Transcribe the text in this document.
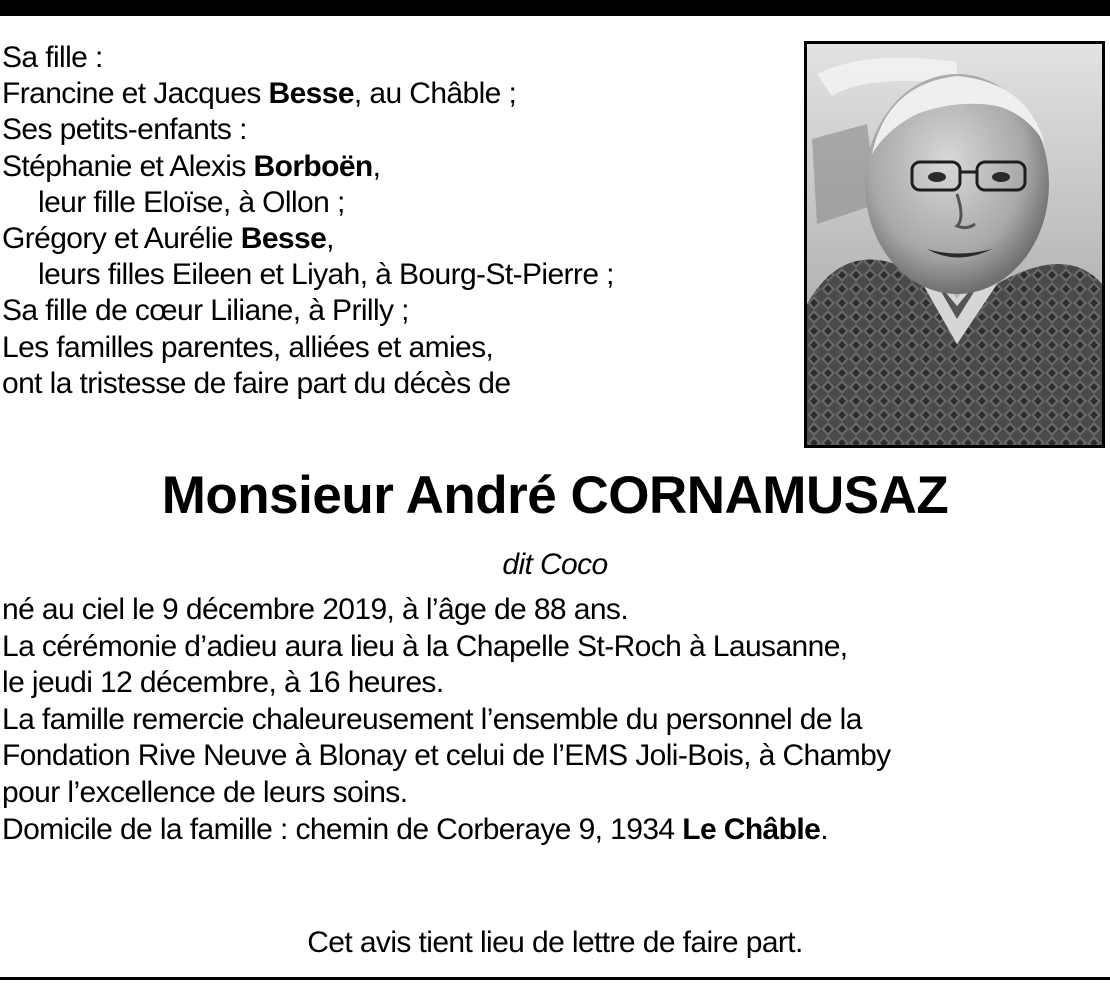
Sa fille :
Francine et Jacques Besse, au Châble ;
Ses petits-enfants :
Stéphanie et Alexis Borboën,
leur fille Eloïse, à Ollon ;
Grégory et Aurélie Besse,
leurs filles Eileen et Liyah, à Bourg-St-Pierre ;
Sa fille de cœur Liliane, à Prilly ;
Les familles parentes, alliées et amies,
ont la tristesse de faire part du décès de
Monsieur André CORNAMUSAZ
dit Coco
né au ciel le 9 décembre 2019, à l’âge de 88 ans.
La cérémonie d’adieu aura lieu à la Chapelle St-Roch à Lausanne,
le jeudi 12 décembre, à 16 heures.
La famille remercie chaleureusement l’ensemble du personnel de la
Fondation Rive Neuve à Blonay et celui de l’EMS Joli-Bois, à Chamby
pour l’excellence de leurs soins.
Domicile de la famille : chemin de Corberaye 9, 1934 Le Châble.
Cet avis tient lieu de lettre de faire part.
